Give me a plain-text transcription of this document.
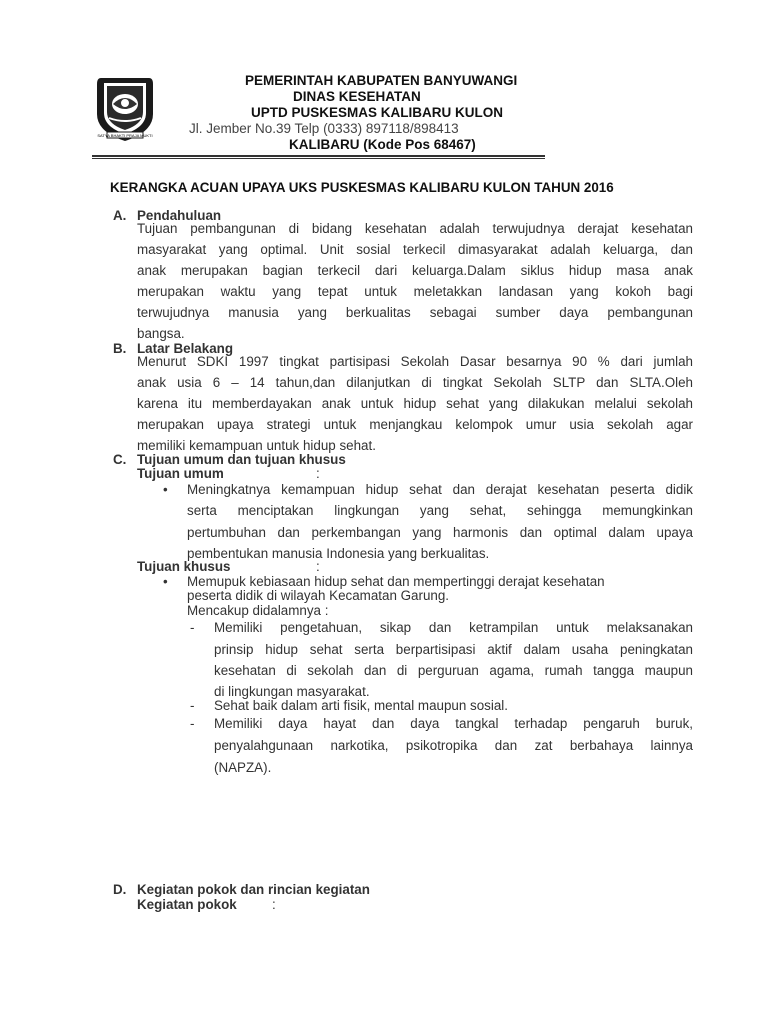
SATYA BHAKTI PRAJA MUKTI
PEMERINTAH KABUPATEN BANYUWANGI
DINAS KESEHATAN
UPTD PUSKESMAS KALIBARU KULON
Jl. Jember No.39 Telp (0333) 897118/898413
KALIBARU (Kode Pos 68467)
KERANGKA ACUAN UPAYA UKS PUSKESMAS KALIBARU KULON TAHUN 2016
A. Pendahuluan
Tujuan pembangunan di bidang kesehatan adalah terwujudnya derajat kesehatan
masyarakat yang optimal. Unit sosial terkecil dimasyarakat adalah keluarga, dan
anak merupakan bagian terkecil dari keluarga.Dalam siklus hidup masa anak
merupakan waktu yang tepat untuk meletakkan landasan yang kokoh bagi
terwujudnya manusia yang berkualitas sebagai sumber daya pembangunan
bangsa.
B. Latar Belakang
Menurut SDKI 1997 tingkat partisipasi Sekolah Dasar besarnya 90 % dari jumlah
anak usia 6 – 14 tahun,dan dilanjutkan di tingkat Sekolah SLTP dan SLTA.Oleh
karena itu memberdayakan anak untuk hidup sehat yang dilakukan melalui sekolah
merupakan upaya strategi untuk menjangkau kelompok umur usia sekolah agar
memiliki kemampuan untuk hidup sehat.
C. Tujuan umum dan tujuan khusus
Tujuan umum	:
• Meningkatnya kemampuan hidup sehat dan derajat kesehatan peserta didik
serta menciptakan lingkungan yang sehat, sehingga memungkinkan
pertumbuhan dan perkembangan yang harmonis dan optimal dalam upaya
pembentukan manusia Indonesia yang berkualitas.
Tujuan khusus	:
• Memupuk kebiasaan hidup sehat dan mempertinggi derajat kesehatan
peserta didik di wilayah Kecamatan Garung.
Mencakup didalamnya :
- Memiliki pengetahuan, sikap dan ketrampilan untuk melaksanakan
prinsip hidup sehat serta berpartisipasi aktif dalam usaha peningkatan
kesehatan di sekolah dan di perguruan agama, rumah tangga maupun
di lingkungan masyarakat.
- Sehat baik dalam arti fisik, mental maupun sosial.
- Memiliki daya hayat dan daya tangkal terhadap pengaruh buruk,
penyalahgunaan narkotika, psikotropika dan zat berbahaya lainnya
(NAPZA).
D. Kegiatan pokok dan rincian kegiatan
Kegiatan pokok	:
